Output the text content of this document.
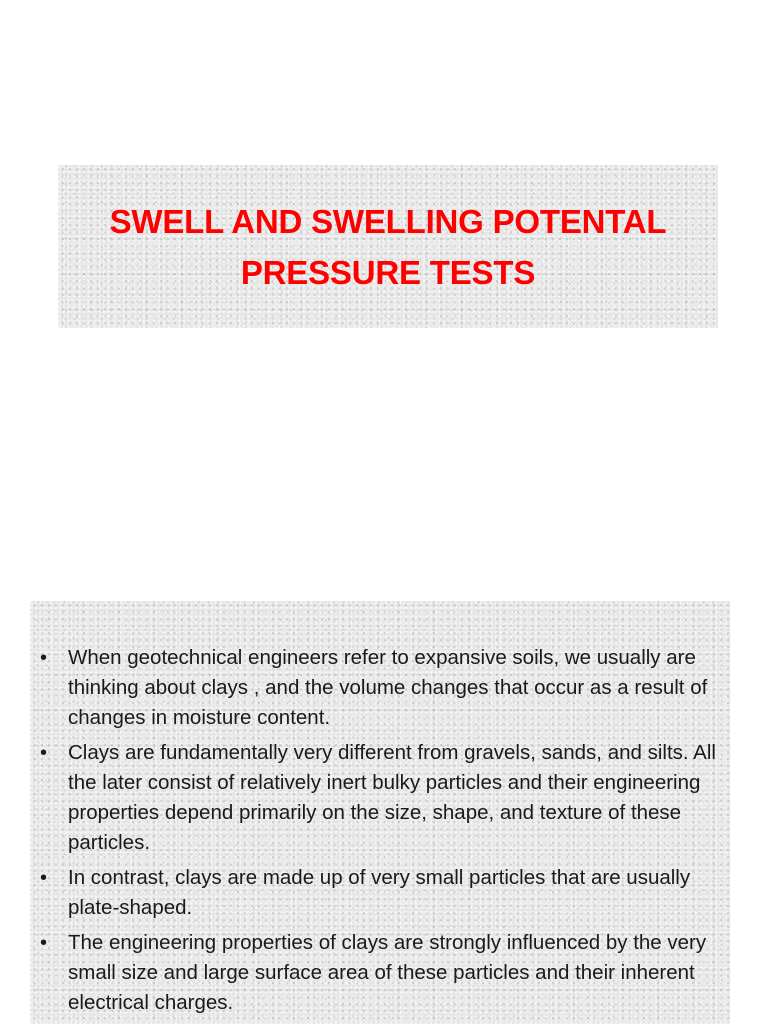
SWELL AND SWELLING POTENTAL PRESSURE TESTS
•	When geotechnical engineers refer to expansive soils, we usually are thinking about clays , and the volume changes that occur as a result of changes in moisture content.
•	Clays are fundamentally very different from gravels, sands, and silts. All the later consist of relatively inert bulky particles and their engineering properties depend primarily on the size, shape, and texture of these particles.
•	In contrast, clays are made up of very small particles that are usually plate-shaped.
•	The engineering properties of clays are strongly influenced by the very small size and large surface area of these particles and their inherent electrical charges.
